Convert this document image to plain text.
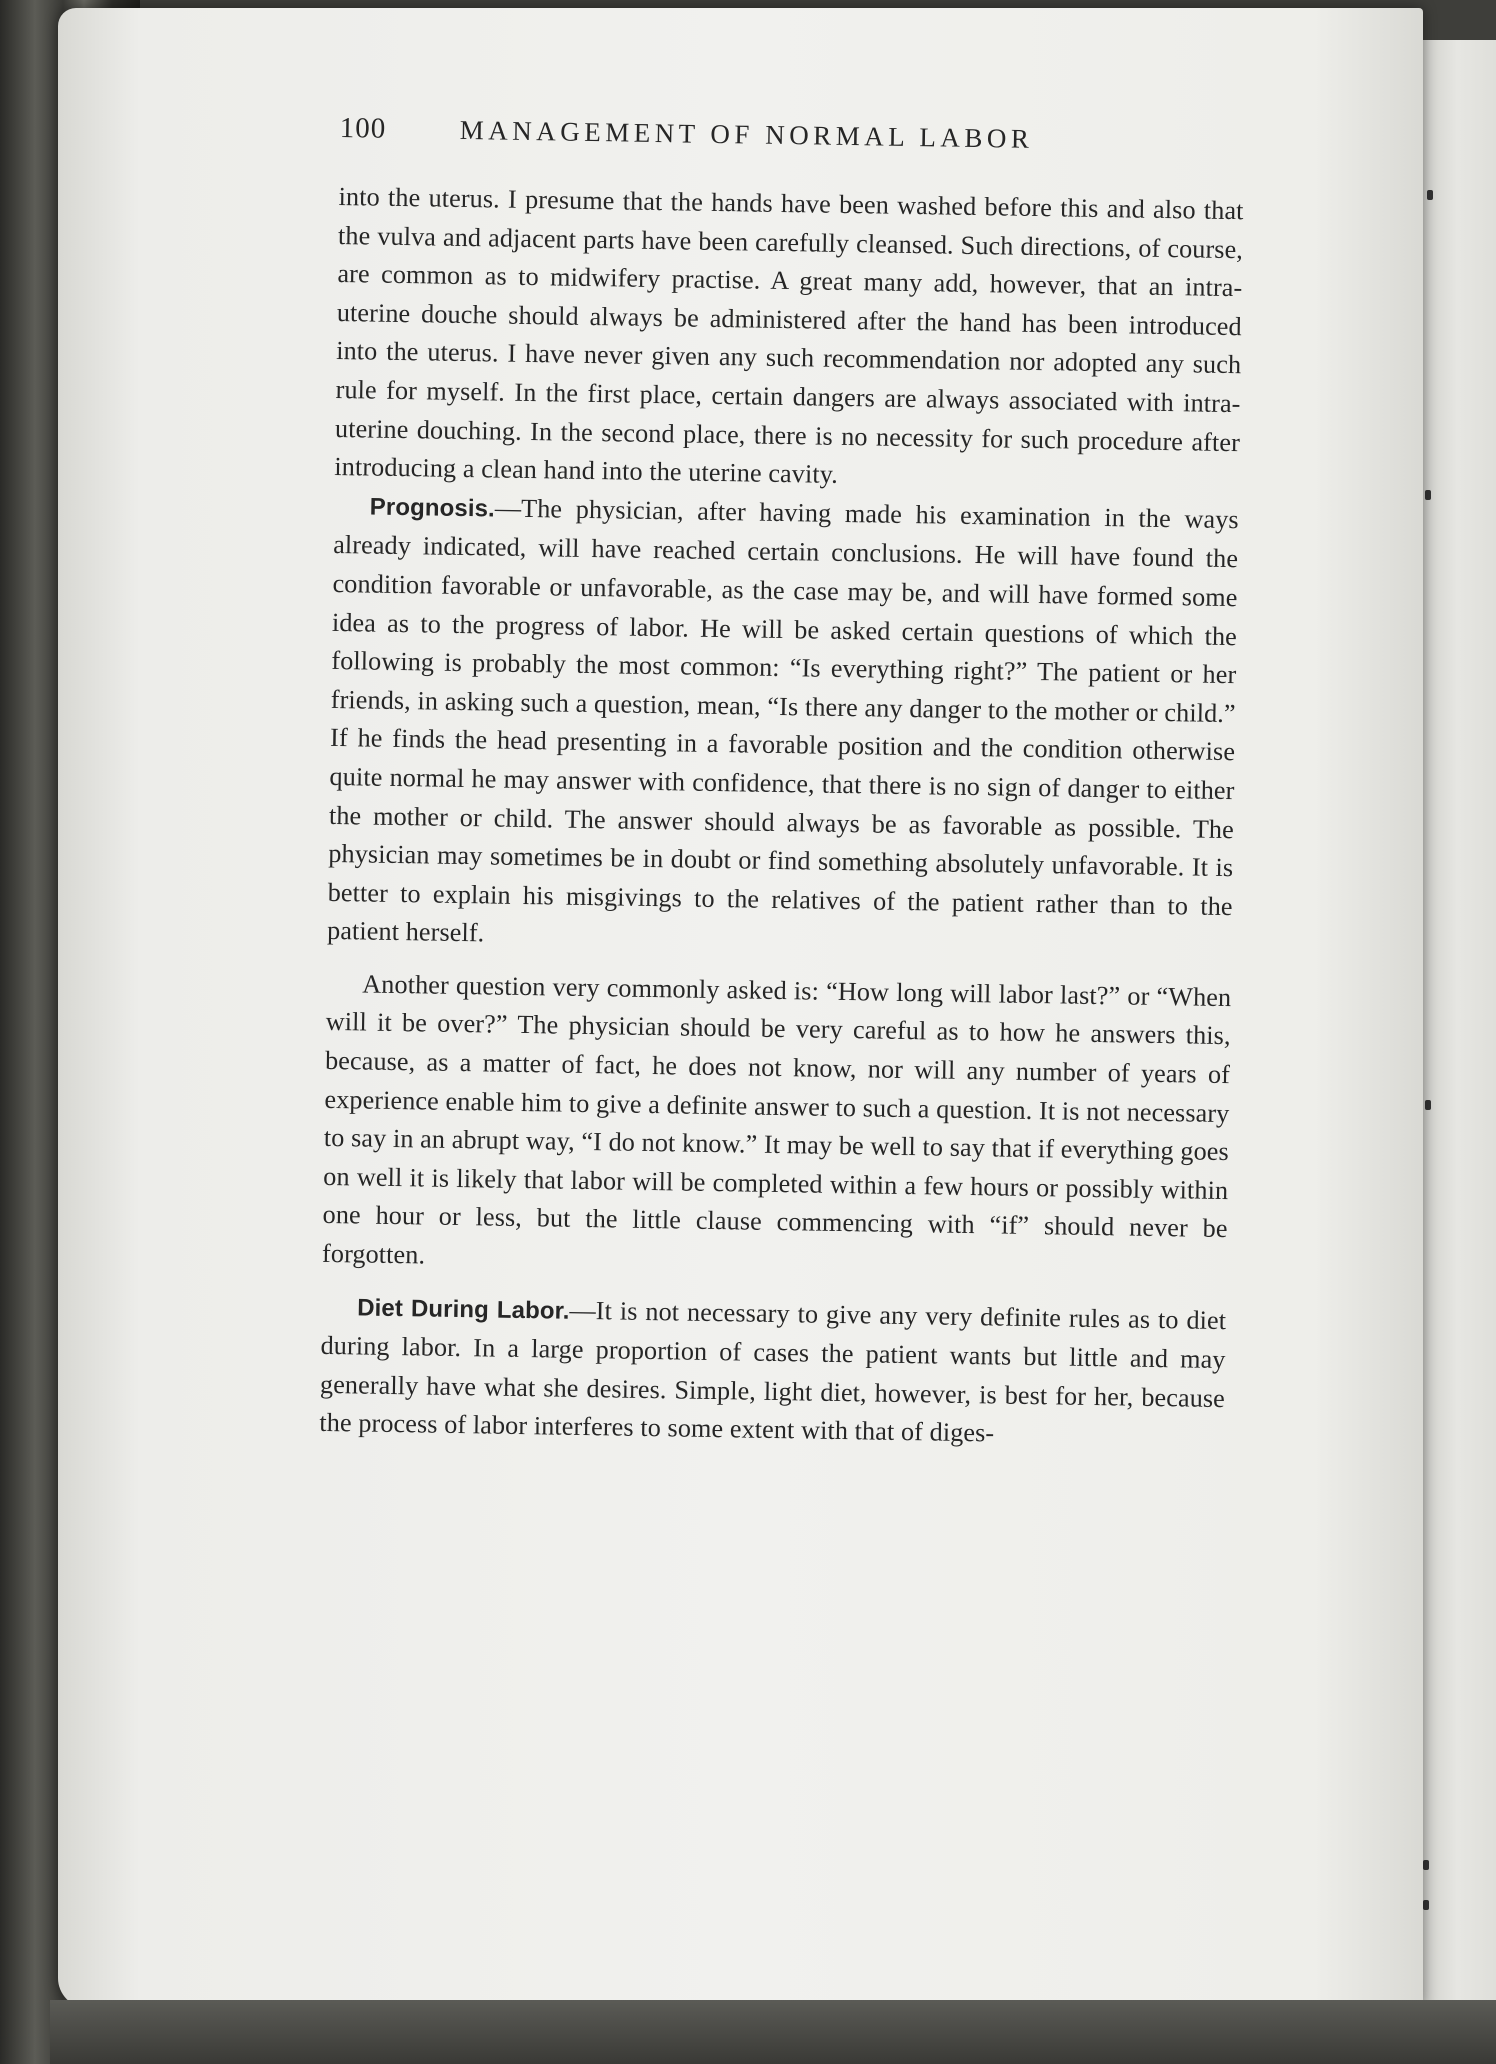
100	MANAGEMENT OF NORMAL LABOR

into the uterus. I presume that the hands have been washed before this and also that the vulva and adjacent parts have been carefully cleansed. Such directions, of course, are common as to midwifery practise. A great many add, however, that an intra-uterine douche should always be administered after the hand has been introduced into the uterus. I have never given any such recommendation nor adopted any such rule for myself. In the first place, certain dangers are always associated with intra-uterine douching. In the second place, there is no necessity for such procedure after introducing a clean hand into the uterine cavity.

Prognosis.—The physician, after having made his examination in the ways already indicated, will have reached certain conclusions. He will have found the condition favorable or unfavorable, as the case may be, and will have formed some idea as to the progress of labor. He will be asked certain questions of which the following is probably the most common: “Is everything right?” The patient or her friends, in asking such a question, mean, “Is there any danger to the mother or child.” If he finds the head presenting in a favorable position and the condition otherwise quite normal he may answer with confidence, that there is no sign of danger to either the mother or child. The answer should always be as favorable as possible. The physician may sometimes be in doubt or find something absolutely unfavorable. It is better to explain his misgivings to the relatives of the patient rather than to the patient herself.

Another question very commonly asked is: “How long will labor last?” or “When will it be over?” The physician should be very careful as to how he answers this, because, as a matter of fact, he does not know, nor will any number of years of experience enable him to give a definite answer to such a question. It is not necessary to say in an abrupt way, “I do not know.” It may be well to say that if everything goes on well it is likely that labor will be completed within a few hours or possibly within one hour or less, but the little clause commencing with “if” should never be forgotten.

Diet During Labor.—It is not necessary to give any very definite rules as to diet during labor. In a large proportion of cases the patient wants but little and may generally have what she desires. Simple, light diet, however, is best for her, because the process of labor interferes to some extent with that of diges-
